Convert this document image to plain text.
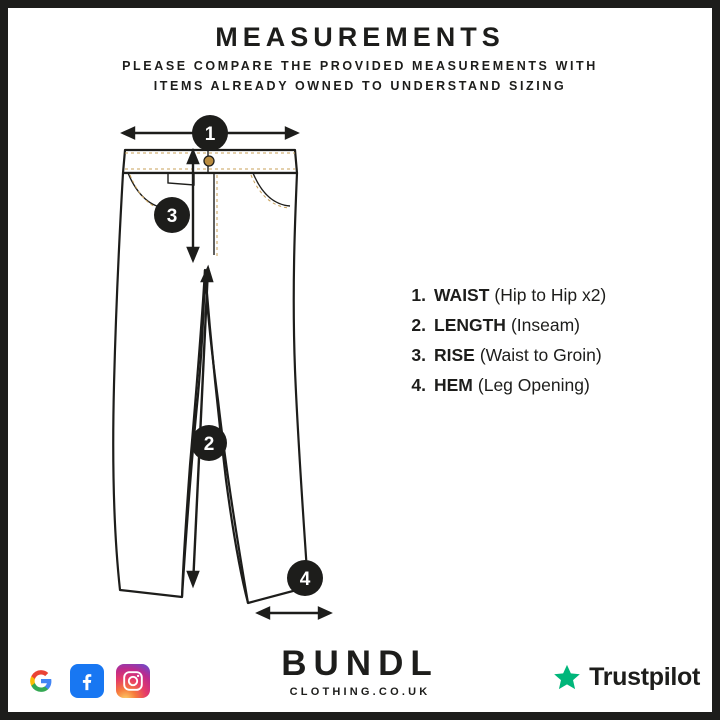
MEASUREMENTS
PLEASE COMPARE THE PROVIDED MEASUREMENTS WITH
ITEMS ALREADY OWNED TO UNDERSTAND SIZING
1
3
2
4
1. WAIST (Hip to Hip x2)
2. LENGTH (Inseam)
3. RISE (Waist to Groin)
4. HEM (Leg Opening)
BUNDL
CLOTHING.CO.UK
Trustpilot
